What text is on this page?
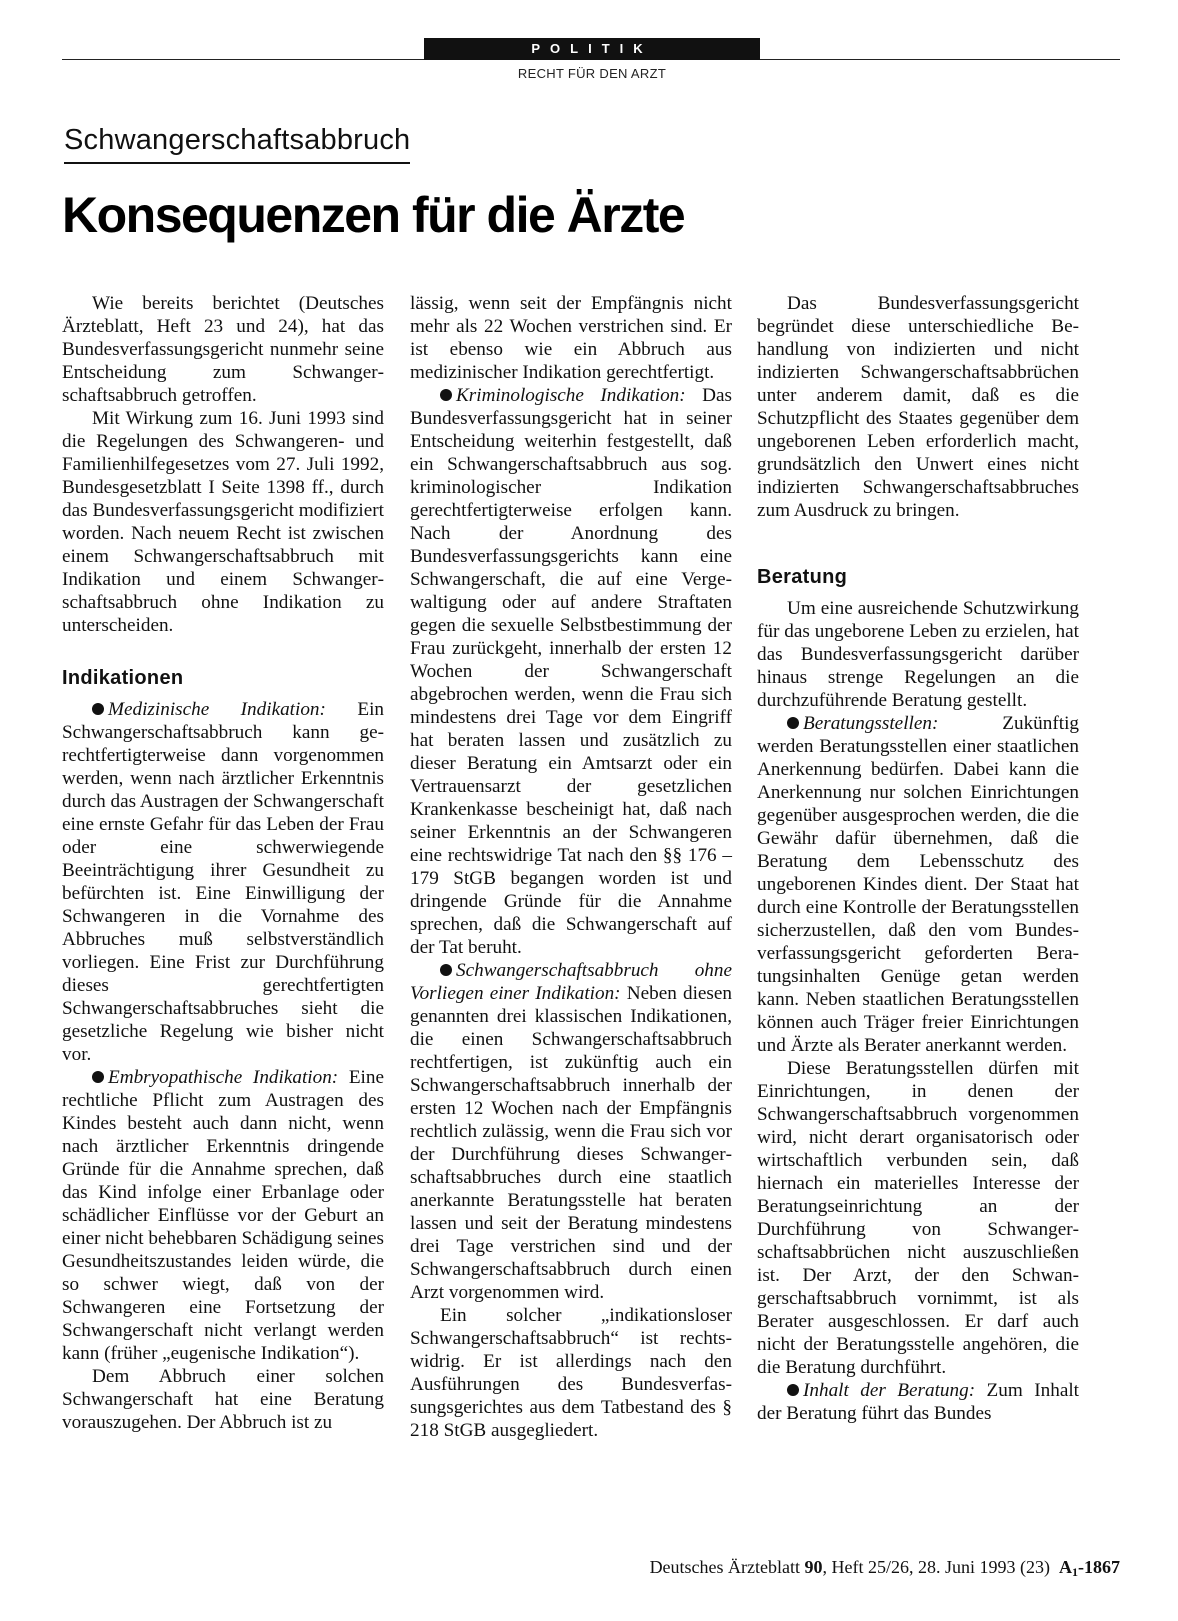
POLITIK
RECHT FÜR DEN ARZT
Schwangerschaftsabbruch
Konsequenzen für die Ärzte

Wie bereits berichtet (Deutsches Ärzteblatt, Heft 23 und 24), hat das Bundesverfassungsgericht nunmehr seine Entscheidung zum Schwangerschaftsabbruch getroffen.

Mit Wirkung zum 16. Juni 1993 sind die Regelungen des Schwangeren- und Familienhilfegesetzes vom 27. Juli 1992, Bundesgesetzblatt I Seite 1398 ff., durch das Bundesverfassungsgericht modifiziert worden. Nach neuem Recht ist zwischen einem Schwangerschaftsabbruch mit Indikation und einem Schwangerschaftsabbruch ohne Indikation zu unterscheiden.

Indikationen

Medizinische Indikation: Ein Schwangerschaftsabbruch kann gerechtfertigterweise dann vorgenommen werden, wenn nach ärztlicher Erkenntnis durch das Austragen der Schwangerschaft eine ernste Gefahr für das Leben der Frau oder eine schwerwiegende Beeinträchtigung ihrer Gesundheit zu befürchten ist. Eine Einwilligung der Schwangeren in die Vornahme des Abbruches muß selbstverständlich vorliegen. Eine Frist zur Durchführung dieses gerechtfertigten Schwangerschaftsabbruches sieht die gesetzliche Regelung wie bisher nicht vor.

Embryopathische Indikation: Eine rechtliche Pflicht zum Austragen des Kindes besteht auch dann nicht, wenn nach ärztlicher Erkenntnis dringende Gründe für die Annahme sprechen, daß das Kind infolge einer Erbanlage oder schädlicher Einflüsse vor der Geburt an einer nicht behebbaren Schädigung seines Gesundheitszustandes leiden würde, die so schwer wiegt, daß von der Schwangeren eine Fortsetzung der Schwangerschaft nicht verlangt werden kann (früher „eugenische Indikation“).

Dem Abbruch einer solchen Schwangerschaft hat eine Beratung vorauszugehen. Der Abbruch ist zu

lässig, wenn seit der Empfängnis nicht mehr als 22 Wochen verstrichen sind. Er ist ebenso wie ein Abbruch aus medizinischer Indikation gerechtfertigt.

Kriminologische Indikation: Das Bundesverfassungsgericht hat in seiner Entscheidung weiterhin festgestellt, daß ein Schwangerschaftsabbruch aus sog. kriminologischer Indikation gerechtfertigterweise erfolgen kann. Nach der Anordnung des Bundesverfassungsgerichts kann eine Schwangerschaft, die auf eine Vergewaltigung oder auf andere Straftaten gegen die sexuelle Selbstbestimmung der Frau zurückgeht, innerhalb der ersten 12 Wochen der Schwangerschaft abgebrochen werden, wenn die Frau sich mindestens drei Tage vor dem Eingriff hat beraten lassen und zusätzlich zu dieser Beratung ein Amtsarzt oder ein Vertrauensarzt der gesetzlichen Krankenkasse bescheinigt hat, daß nach seiner Erkenntnis an der Schwangeren eine rechtswidrige Tat nach den §§ 176 – 179 StGB begangen worden ist und dringende Gründe für die Annahme sprechen, daß die Schwangerschaft auf der Tat beruht.

Schwangerschaftsabbruch ohne Vorliegen einer Indikation: Neben diesen genannten drei klassischen Indikationen, die einen Schwangerschaftsabbruch rechtfertigen, ist zukünftig auch ein Schwangerschaftsabbruch innerhalb der ersten 12 Wochen nach der Empfängnis rechtlich zulässig, wenn die Frau sich vor der Durchführung dieses Schwangerschaftsabbruches durch eine staatlich anerkannte Beratungsstelle hat beraten lassen und seit der Beratung mindestens drei Tage verstrichen sind und der Schwangerschaftsabbruch durch einen Arzt vorgenommen wird.

Ein solcher „indikationsloser Schwangerschaftsabbruch“ ist rechtswidrig. Er ist allerdings nach den Ausführungen des Bundesverfassungsgerichtes aus dem Tatbestand des § 218 StGB ausgegliedert.

Das Bundesverfassungsgericht begründet diese unterschiedliche Behandlung von indizierten und nicht indizierten Schwangerschaftsabbrüchen unter anderem damit, daß es die Schutzpflicht des Staates gegenüber dem ungeborenen Leben erforderlich macht, grundsätzlich den Unwert eines nicht indizierten Schwangerschaftsabbruches zum Ausdruck zu bringen.

Beratung

Um eine ausreichende Schutzwirkung für das ungeborene Leben zu erzielen, hat das Bundesverfassungsgericht darüber hinaus strenge Regelungen an die durchzuführende Beratung gestellt.

Beratungsstellen: Zukünftig werden Beratungsstellen einer staatlichen Anerkennung bedürfen. Dabei kann die Anerkennung nur solchen Einrichtungen gegenüber ausgesprochen werden, die die Gewähr dafür übernehmen, daß die Beratung dem Lebensschutz des ungeborenen Kindes dient. Der Staat hat durch eine Kontrolle der Beratungsstellen sicherzustellen, daß den vom Bundesverfassungsgericht geforderten Beratungsinhalten Genüge getan werden kann. Neben staatlichen Beratungsstellen können auch Träger freier Einrichtungen und Ärzte als Berater anerkannt werden.

Diese Beratungsstellen dürfen mit Einrichtungen, in denen der Schwangerschaftsabbruch vorgenommen wird, nicht derart organisatorisch oder wirtschaftlich verbunden sein, daß hiernach ein materielles Interesse der Beratungseinrichtung an der Durchführung von Schwangerschaftsabbrüchen nicht auszuschließen ist. Der Arzt, der den Schwangerschaftsabbruch vornimmt, ist als Berater ausgeschlossen. Er darf auch nicht der Beratungsstelle angehören, die die Beratung durchführt.

Inhalt der Beratung: Zum Inhalt der Beratung führt das Bundes

Deutsches Ärzteblatt 90, Heft 25/26, 28. Juni 1993 (23) $A_1-1867$
